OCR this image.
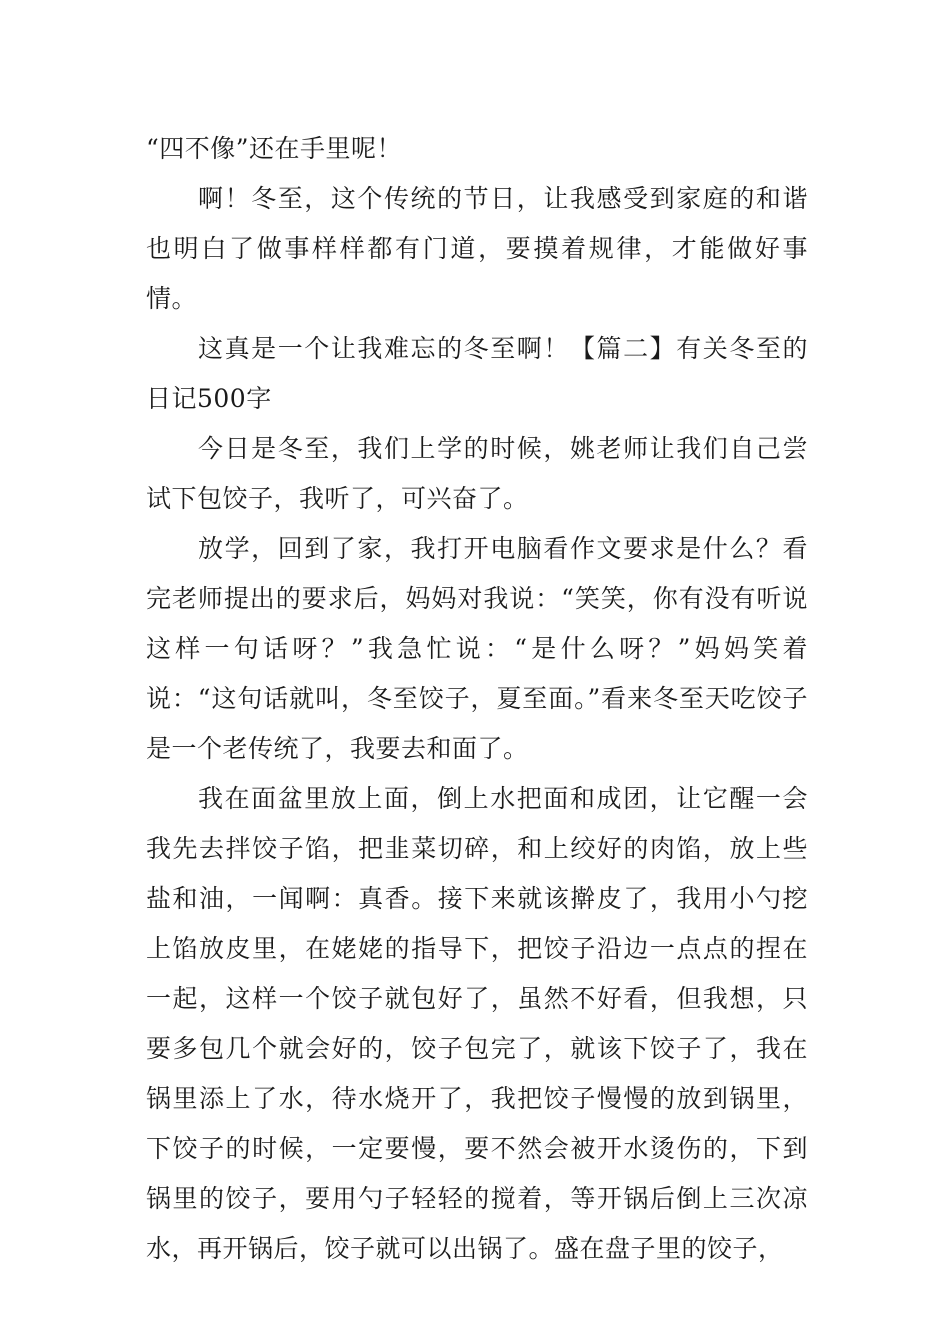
“四不像”还在手里呢！

啊！冬至，这个传统的节日，让我感受到家庭的和谐也明白了做事样样都有门道，要摸着规律，才能做好事情。

这真是一个让我难忘的冬至啊！【篇二】有关冬至的日记500字

今日是冬至，我们上学的时候，姚老师让我们自己尝试下包饺子，我听了，可兴奋了。

放学，回到了家，我打开电脑看作文要求是什么？看完老师提出的要求后，妈妈对我说：“笑笑，你有没有听说这样一句话呀？”我急忙说：“是什么呀？”妈妈笑着说：“这句话就叫，冬至饺子，夏至面。”看来冬至天吃饺子是一个老传统了，我要去和面了。

我在面盆里放上面，倒上水把面和成团，让它醒一会我先去拌饺子馅，把韭菜切碎，和上绞好的肉馅，放上些盐和油，一闻啊：真香。接下来就该擀皮了，我用小勺挖上馅放皮里，在姥姥的指导下，把饺子沿边一点点的捏在一起，这样一个饺子就包好了，虽然不好看，但我想，只要多包几个就会好的，饺子包完了，就该下饺子了，我在锅里添上了水，待水烧开了，我把饺子慢慢的放到锅里，下饺子的时候，一定要慢，要不然会被开水烫伤的，下到锅里的饺子，要用勺子轻轻的搅着，等开锅后倒上三次凉水，再开锅后，饺子就可以出锅了。盛在盘子里的饺子，
